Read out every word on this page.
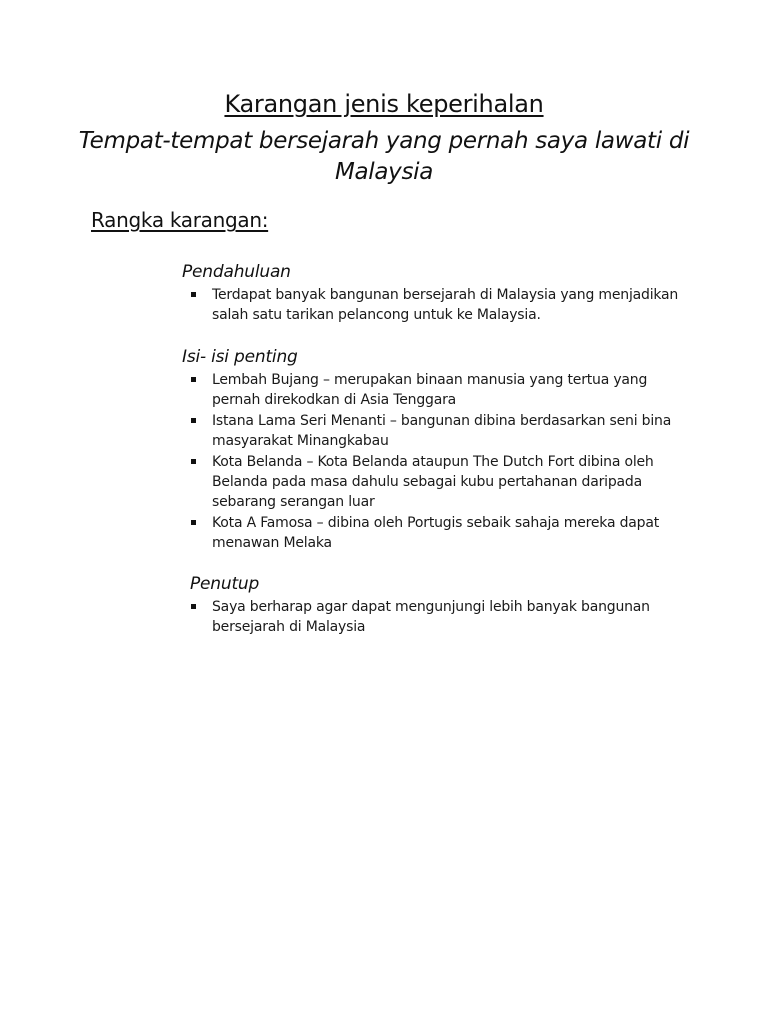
Karangan jenis keperihalan
Tempat-tempat bersejarah yang pernah saya lawati di Malaysia
Rangka karangan:
Pendahuluan
Terdapat banyak bangunan bersejarah di Malaysia yang menjadikan salah satu tarikan pelancong untuk ke Malaysia.
Isi- isi penting
Lembah Bujang – merupakan binaan manusia yang tertua yang pernah direkodkan di Asia Tenggara
Istana Lama Seri Menanti – bangunan dibina berdasarkan seni bina masyarakat Minangkabau
Kota Belanda – Kota Belanda ataupun The Dutch Fort dibina oleh Belanda pada masa dahulu sebagai kubu pertahanan daripada sebarang serangan luar
Kota A Famosa – dibina oleh Portugis sebaik sahaja mereka dapat menawan Melaka
Penutup
Saya berharap agar dapat mengunjungi lebih banyak bangunan bersejarah di Malaysia
